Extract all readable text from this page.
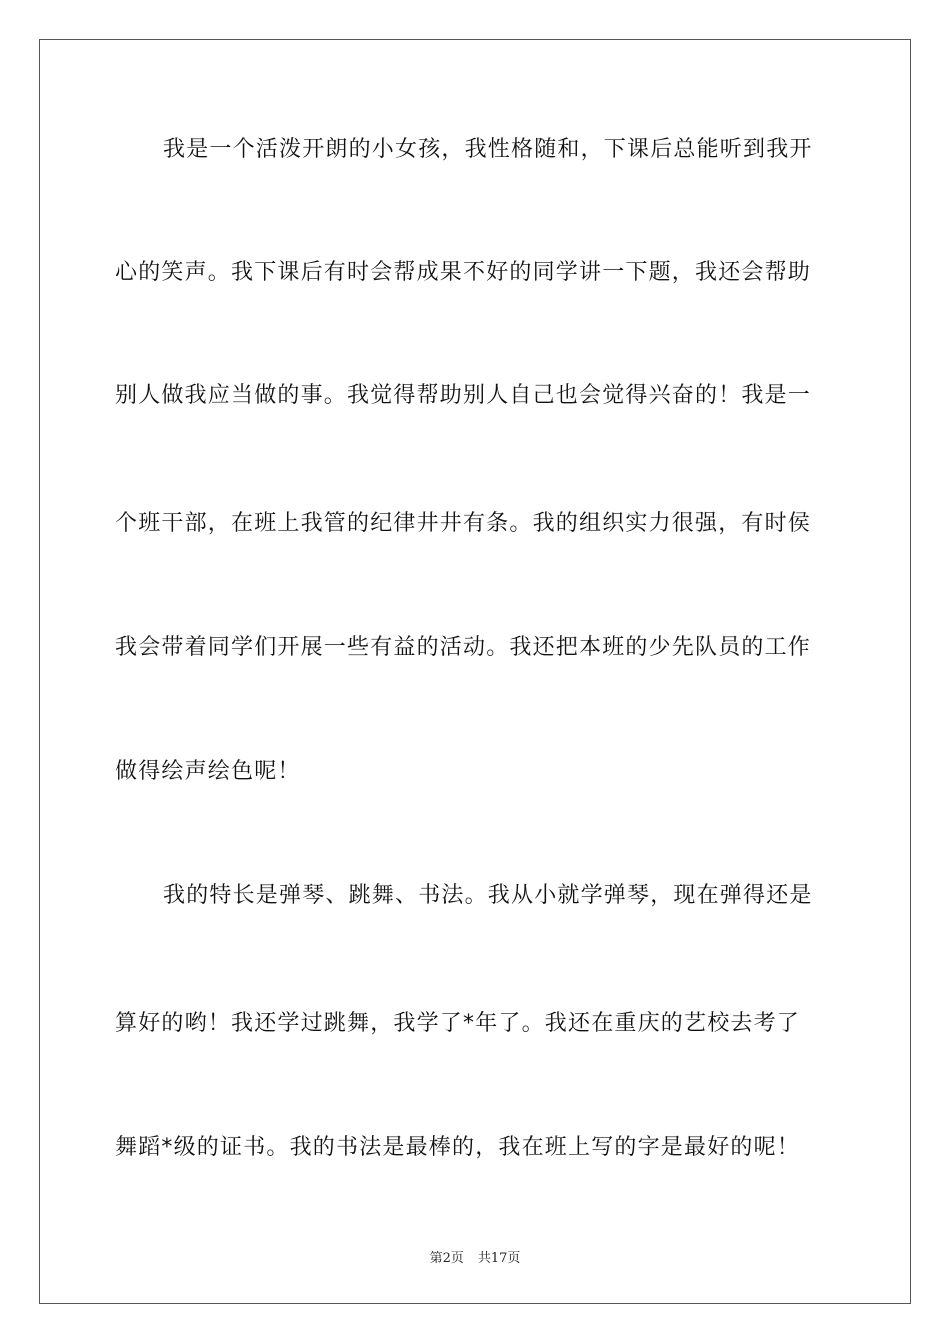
我是一个活泼开朗的小女孩，我性格随和，下课后总能听到我开
心的笑声。我下课后有时会帮成果不好的同学讲一下题，我还会帮助
别人做我应当做的事。我觉得帮助别人自己也会觉得兴奋的！我是一
个班干部，在班上我管的纪律井井有条。我的组织实力很强，有时侯
我会带着同学们开展一些有益的活动。我还把本班的少先队员的工作
做得绘声绘色呢！
我的特长是弹琴、跳舞、书法。我从小就学弹琴，现在弹得还是
算好的哟！我还学过跳舞，我学了*年了。我还在重庆的艺校去考了
舞蹈*级的证书。我的书法是最棒的，我在班上写的字是最好的呢！
第2页 共17页
